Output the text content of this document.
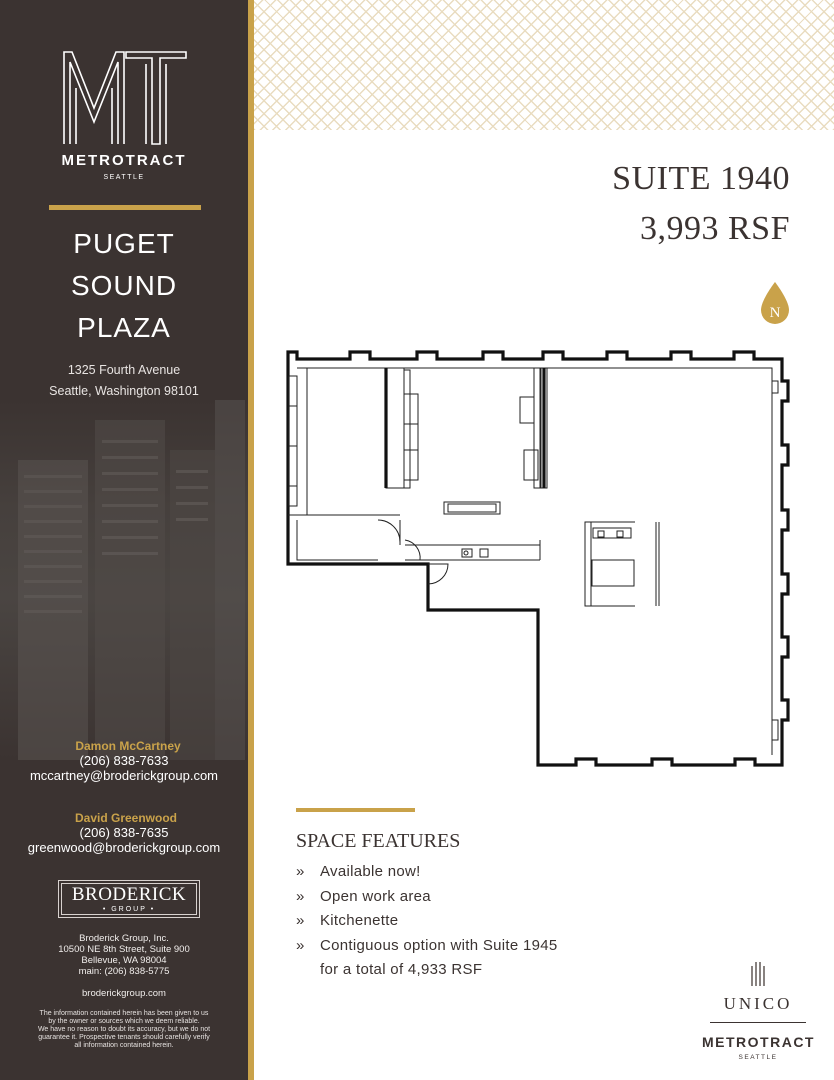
METROTRACT
SEATTLE
PUGET
SOUND
PLAZA
1325 Fourth Avenue
Seattle, Washington 98101
Damon McCartney
(206) 838-7633
mccartney@broderickgroup.com
David Greenwood
(206) 838-7635
greenwood@broderickgroup.com
BRODERICK
• GROUP •
Broderick Group, Inc.
10500 NE 8th Street, Suite 900
Bellevue, WA 98004
main: (206) 838-5775
broderickgroup.com
The information contained herein has been given to us
by the owner or sources which we deem reliable.
We have no reason to doubt its accuracy, but we do not
guarantee it. Prospective tenants should carefully verify
all information contained herein.
SUITE 1940
3,993 RSF
N
SPACE FEATURES
» Available now!
» Open work area
» Kitchenette
» Contiguous option with Suite 1945
for a total of 4,933 RSF
UNICO
METROTRACT
SEATTLE
